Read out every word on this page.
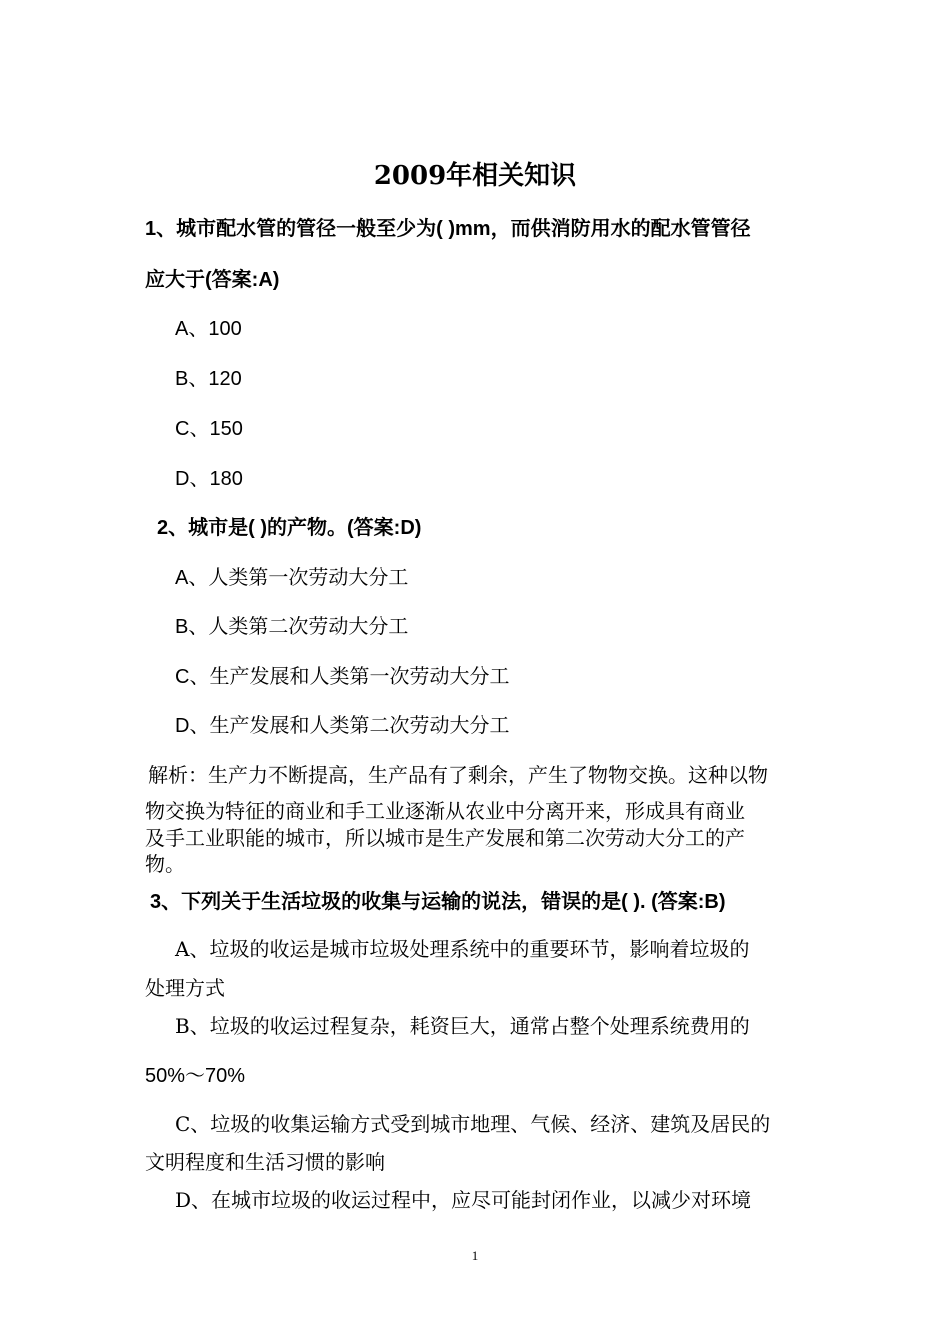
2009年相关知识
1、城市配水管的管径一般至少为( )mm，而供消防用水的配水管管径
应大于(答案:A)
A、100
B、120
C、150
D、180
2、城市是( )的产物。(答案:D)
A、人类第一次劳动大分工
B、人类第二次劳动大分工
C、生产发展和人类第一次劳动大分工
D、生产发展和人类第二次劳动大分工
解析：生产力不断提高，生产品有了剩余，产生了物物交换。这种以物
物交换为特征的商业和手工业逐渐从农业中分离开来，形成具有商业
及手工业职能的城市，所以城市是生产发展和第二次劳动大分工的产
物。
3、下列关于生活垃圾的收集与运输的说法，错误的是( ). (答案:B)
A、垃圾的收运是城市垃圾处理系统中的重要环节，影响着垃圾的
处理方式
B、垃圾的收运过程复杂，耗资巨大，通常占整个处理系统费用的
50%～70%
C、垃圾的收集运输方式受到城市地理、气候、经济、建筑及居民的
文明程度和生活习惯的影响
D、在城市垃圾的收运过程中，应尽可能封闭作业，以减少对环境
1
